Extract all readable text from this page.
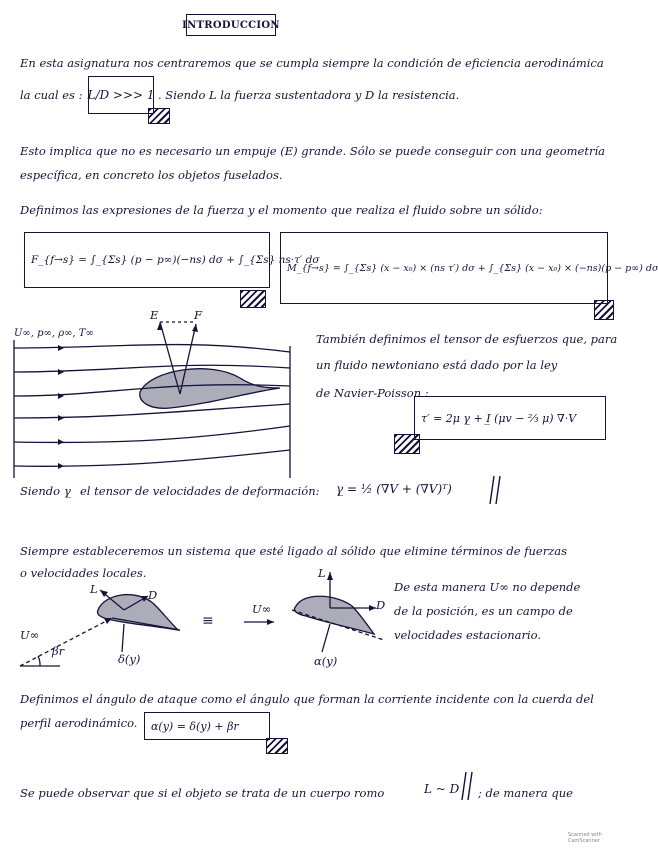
INTRODUCCION
En esta asignatura nos centraremos que se cumpla siempre la condición de eficiencia aerodinámica
la cual es : L/D >>> 1 . Siendo L la fuerza sustentadora y D la resistencia.
Esto implica que no es necesario un empuje (E) grande. Sólo se puede conseguir con una geometría
específica, en concreto los objetos fuselados.
Definimos las expresiones de la fuerza y el momento que realiza el fluido sobre un sólido:
F_{f→s} = ∫_{Σs} (p − p∞)(−ns) dσ + ∫_{Σs} ns·τ′ dσ
M_{f→s} = ∫_{Σs} (x − x₀) × (ns τ′) dσ + ∫_{Σs} (x − x₀) × (−ns)(p − p∞) dσ
U∞, p∞, ρ∞, T∞
E	F
También definimos el tensor de esfuerzos que, para
un fluido newtoniano está dado por la ley
de Navier-Poisson :
τ′ = 2μ γ̲ + I̲ (μv − ⅔ μ) ∇·V
Siendo γ̲ el tensor de velocidades de deformación: γ̲ = ½ (∇V + (∇V)ᵀ)
Siempre estableceremos un sistema que esté ligado al sólido que elimine términos de fuerzas
o velocidades locales.
U∞
βr
L	D
δ(y)
≡
U∞
L
D
α(y)
De esta manera U∞ no depende
de la posición, es un campo de
velocidades estacionario.
Definimos el ángulo de ataque como el ángulo que forman la corriente incidente con la cuerda del
perfil aerodinámico.	α(y) = δ(y) + βr
Se puede observar que si el objeto se trata de un cuerpo romo	L ~ D ; de manera que
Scanned with CamScanner
